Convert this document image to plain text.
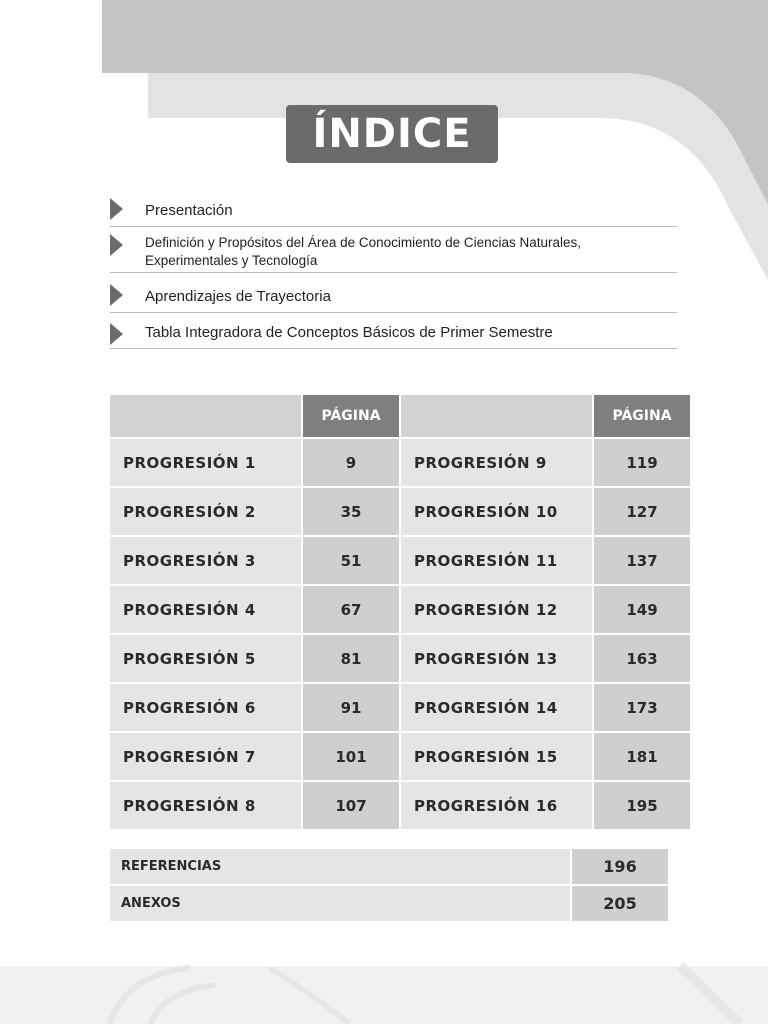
ÍNDICE
Presentación
Definición y Propósitos del Área de Conocimiento de Ciencias Naturales,
Experimentales y Tecnología
Aprendizajes de Trayectoria
Tabla Integradora de Conceptos Básicos de Primer Semestre
	PÁGINA		PÁGINA
PROGRESIÓN 1	9	PROGRESIÓN 9	119
PROGRESIÓN 2	35	PROGRESIÓN 10	127
PROGRESIÓN 3	51	PROGRESIÓN 11	137
PROGRESIÓN 4	67	PROGRESIÓN 12	149
PROGRESIÓN 5	81	PROGRESIÓN 13	163
PROGRESIÓN 6	91	PROGRESIÓN 14	173
PROGRESIÓN 7	101	PROGRESIÓN 15	181
PROGRESIÓN 8	107	PROGRESIÓN 16	195
REFERENCIAS	196
ANEXOS	205
